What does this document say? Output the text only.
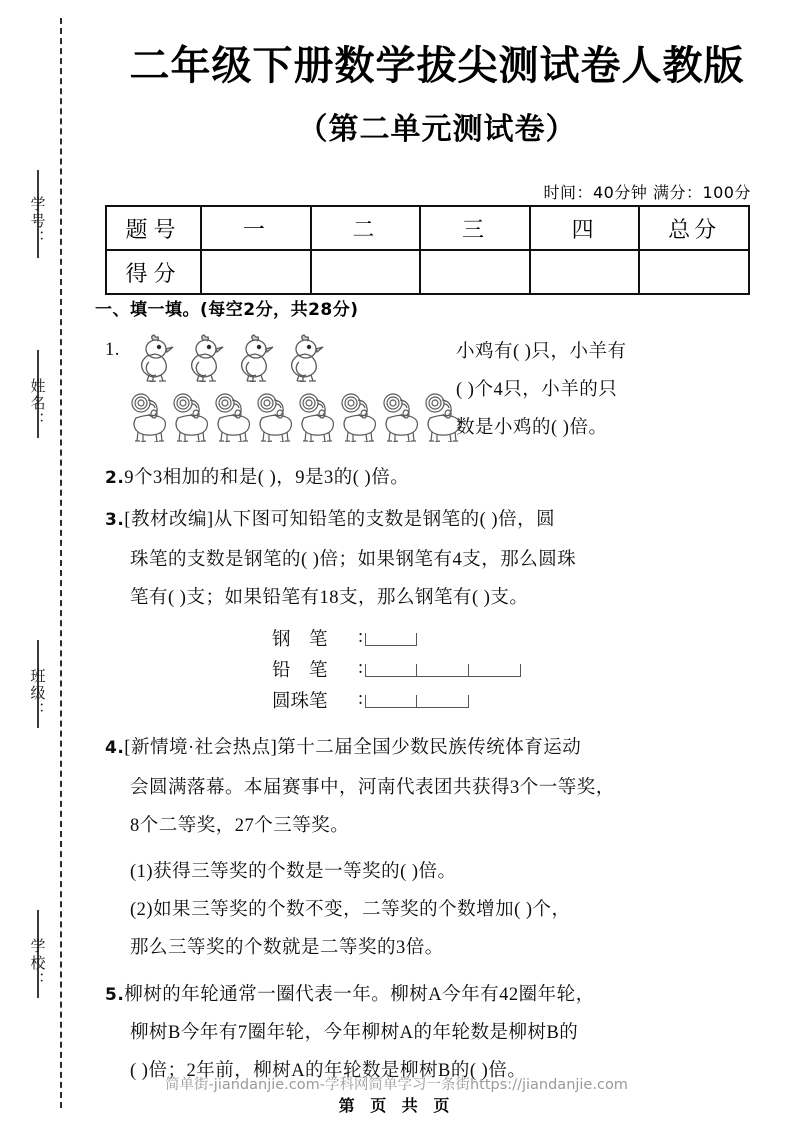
学号：
姓名：
班级：
学校：
二年级下册数学拔尖测试卷人教版
（第二单元测试卷）
时间：40分钟 满分：100分
题号	一	二	三	四	总分
得分					
一、填一填。(每空2分，共28分)
1.	小鸡有( )只，小羊有
( )个4只，小羊的只
数是小鸡的( )倍。
2.9个3相加的和是( )，9是3的( )倍。
3.[教材改编]从下图可知铅笔的支数是钢笔的( )倍，圆
珠笔的支数是钢笔的( )倍；如果钢笔有4支，那么圆珠
笔有( )支；如果铅笔有18支，那么钢笔有( )支。
钢　笔	:
铅　笔	:
圆珠笔	:
4.[新情境·社会热点]第十二届全国少数民族传统体育运动
会圆满落幕。本届赛事中，河南代表团共获得3个一等奖，
8个二等奖，27个三等奖。
(1)获得三等奖的个数是一等奖的( )倍。
(2)如果三等奖的个数不变，二等奖的个数增加( )个，
那么三等奖的个数就是二等奖的3倍。
5.柳树的年轮通常一圈代表一年。柳树A今年有42圈年轮，
柳树B今年有7圈年轮，今年柳树A的年轮数是柳树B的
( )倍；2年前，柳树A的年轮数是柳树B的( )倍。
简单街-jiandanjie.com-学科网简单学习一条街https://jiandanjie.com
第 页 共 页
